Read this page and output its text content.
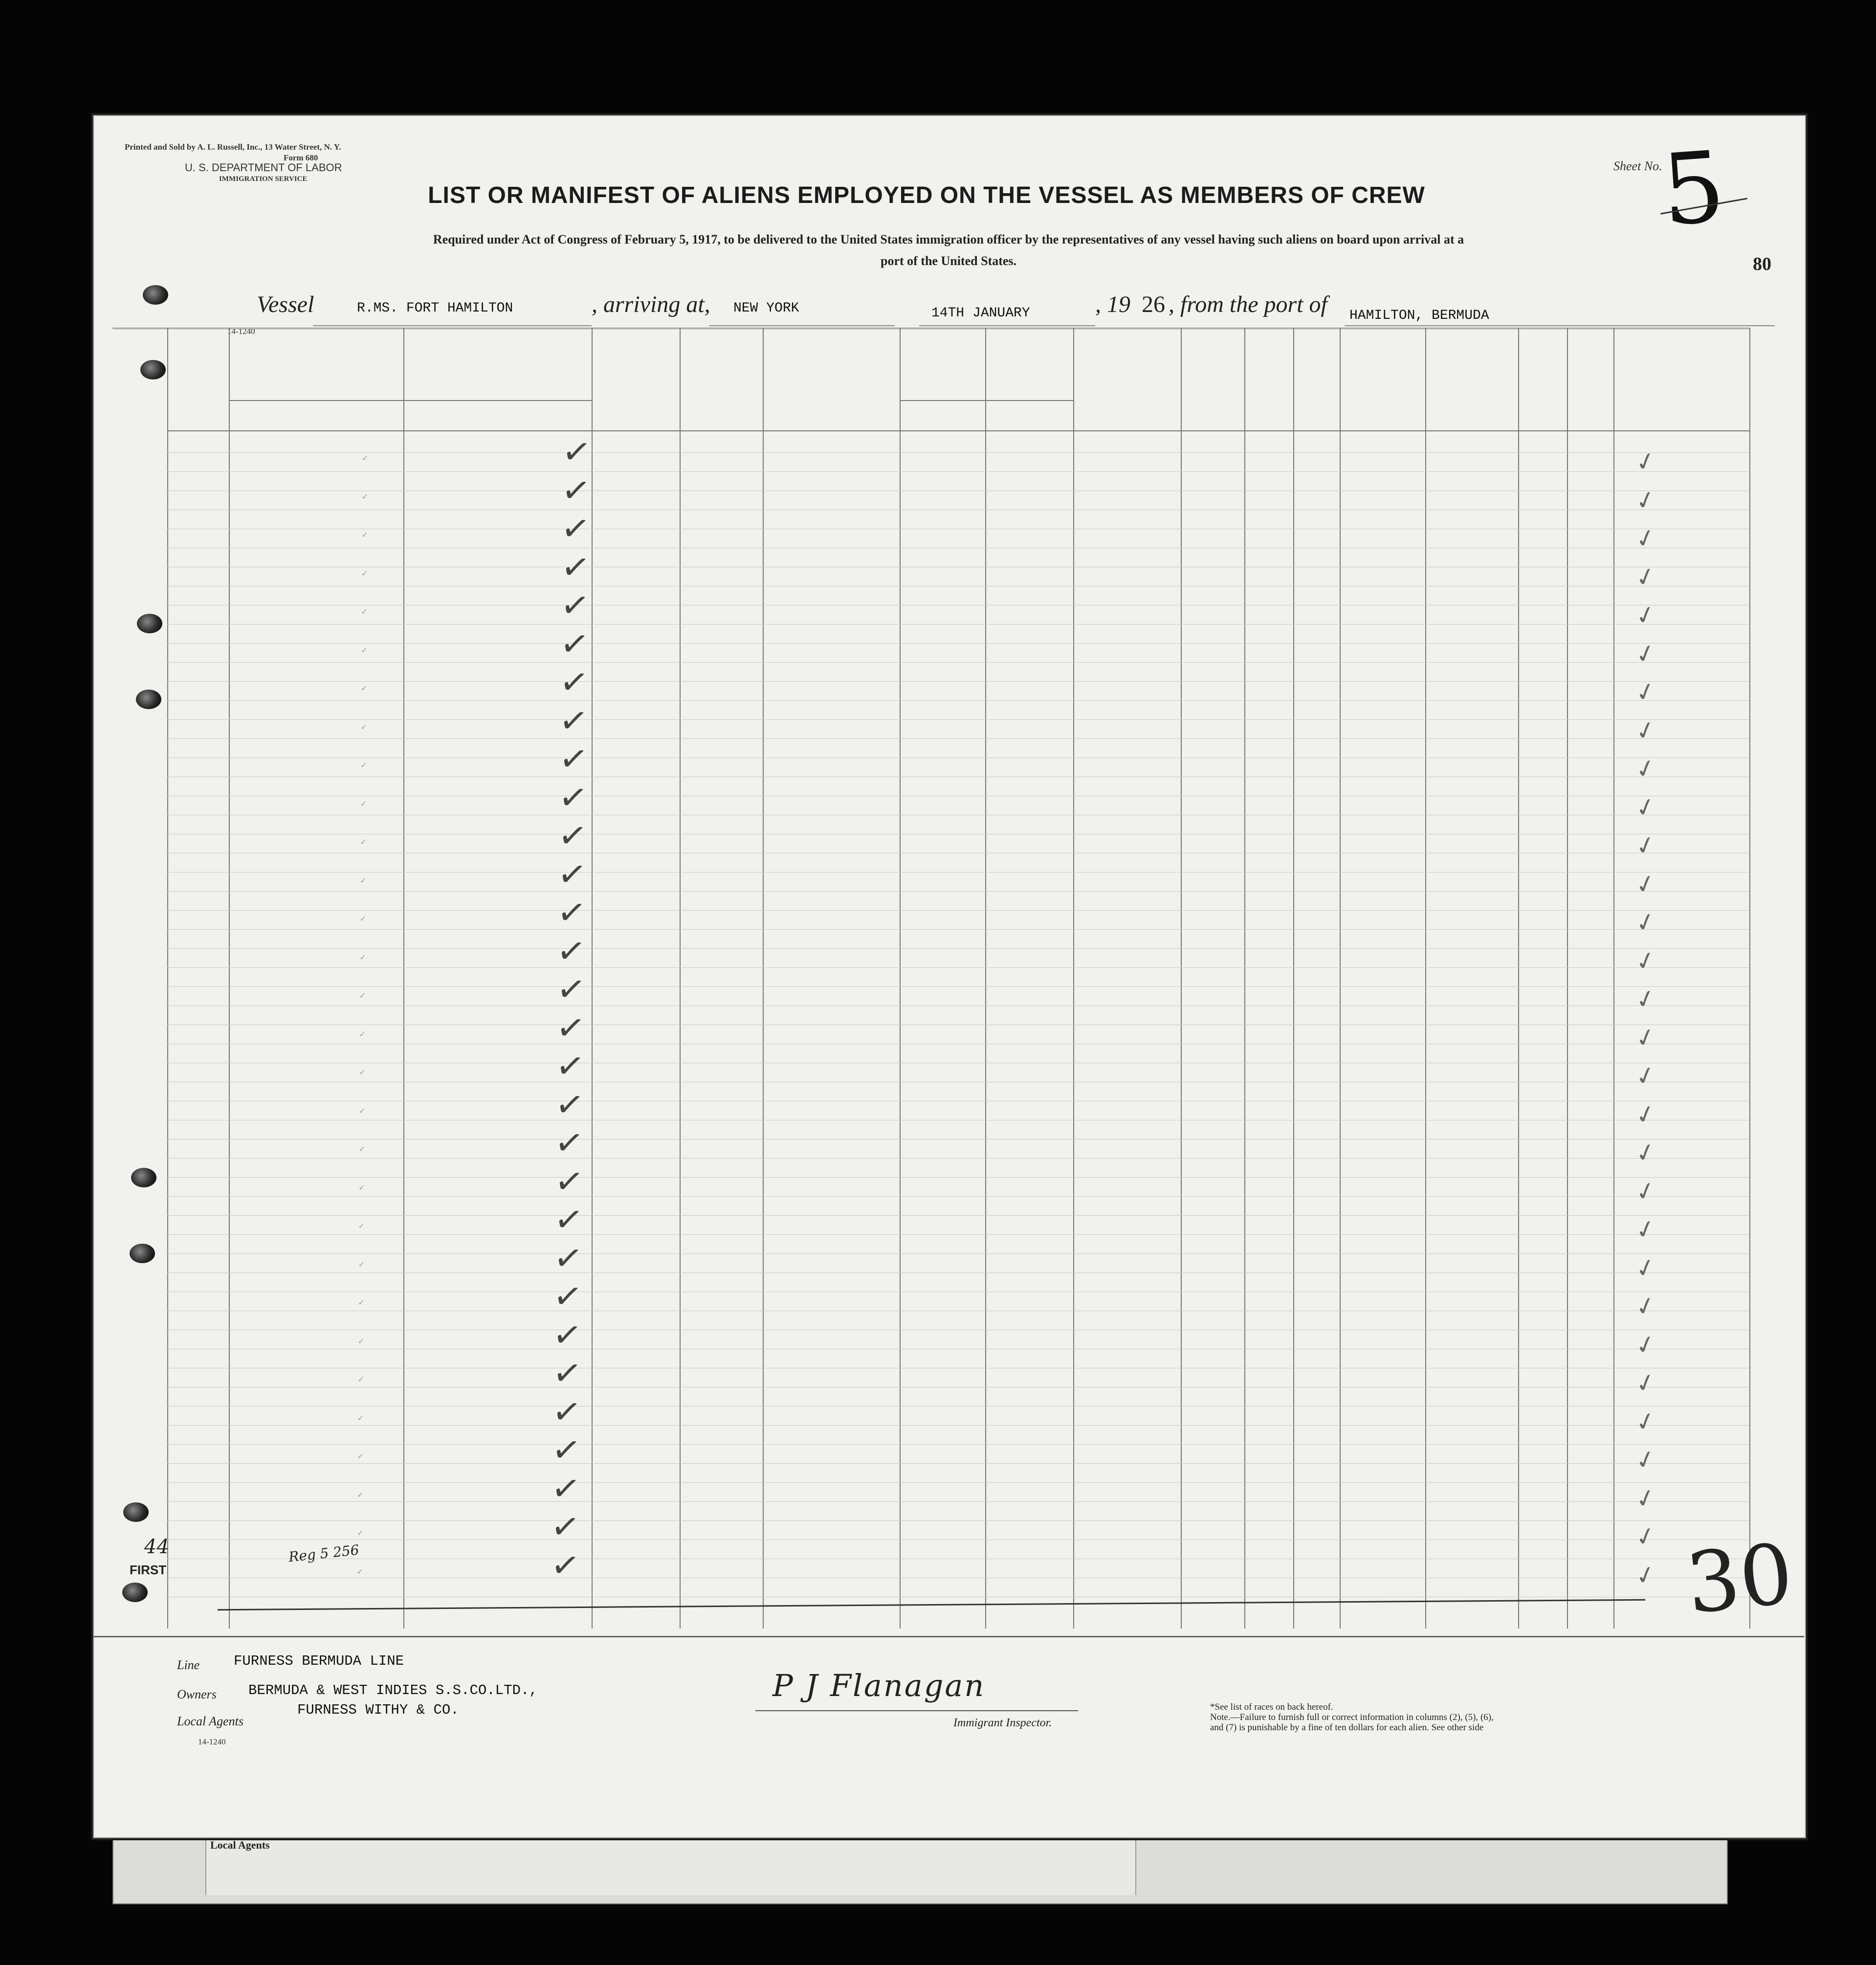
Local Agents
Printed and Sold by A. L. Russell, Inc., 13 Water Street, N. Y.
Form 680
U. S. DEPARTMENT OF LABOR
IMMIGRATION SERVICE
LIST OR MANIFEST OF ALIENS EMPLOYED ON THE VESSEL AS MEMBERS OF CREW
Required under Act of Congress of February 5, 1917, to be delivered to the United States immigration officer by the representatives of any vessel having such aliens on board upon arrival at a
port of the United States.
Sheet No.
5
80
Vessel	R.MS. FORT HAMILTON	, arriving at, NEW YORK	14TH JANUARY	, 19 26 , from the port of HAMILTON, BERMUDA
14-1240
✓	✓	✓
✓	✓	✓
✓	✓	✓
✓	✓	✓
✓	✓	✓
✓	✓	✓
✓	✓	✓
✓	✓	✓
✓	✓	✓
✓	✓	✓
✓	✓	✓
✓	✓	✓
✓	✓	✓
✓	✓	✓
✓	✓	✓
✓	✓	✓
✓	✓	✓
✓	✓	✓
✓	✓	✓
✓	✓	✓
✓	✓	✓
✓	✓	✓
✓	✓	✓
✓	✓	✓
✓	✓	✓
✓	✓	✓
✓	✓	✓
✓	✓	✓
✓	✓	✓
✓	✓	✓
Reg 5 256
FIRST
44	30
Line FURNESS BERMUDA LINE
Owners BERMUDA & WEST INDIES S.S.CO.LTD.,
Local Agents
FURNESS WITHY & CO.
14-1240
P J Flanagan
Immigrant Inspector.
*See list of races on back hereof.
Note.—Failure to furnish full or correct information in columns (2), (5), (6),
and (7) is punishable by a fine of ten dollars for each alien. See other side
